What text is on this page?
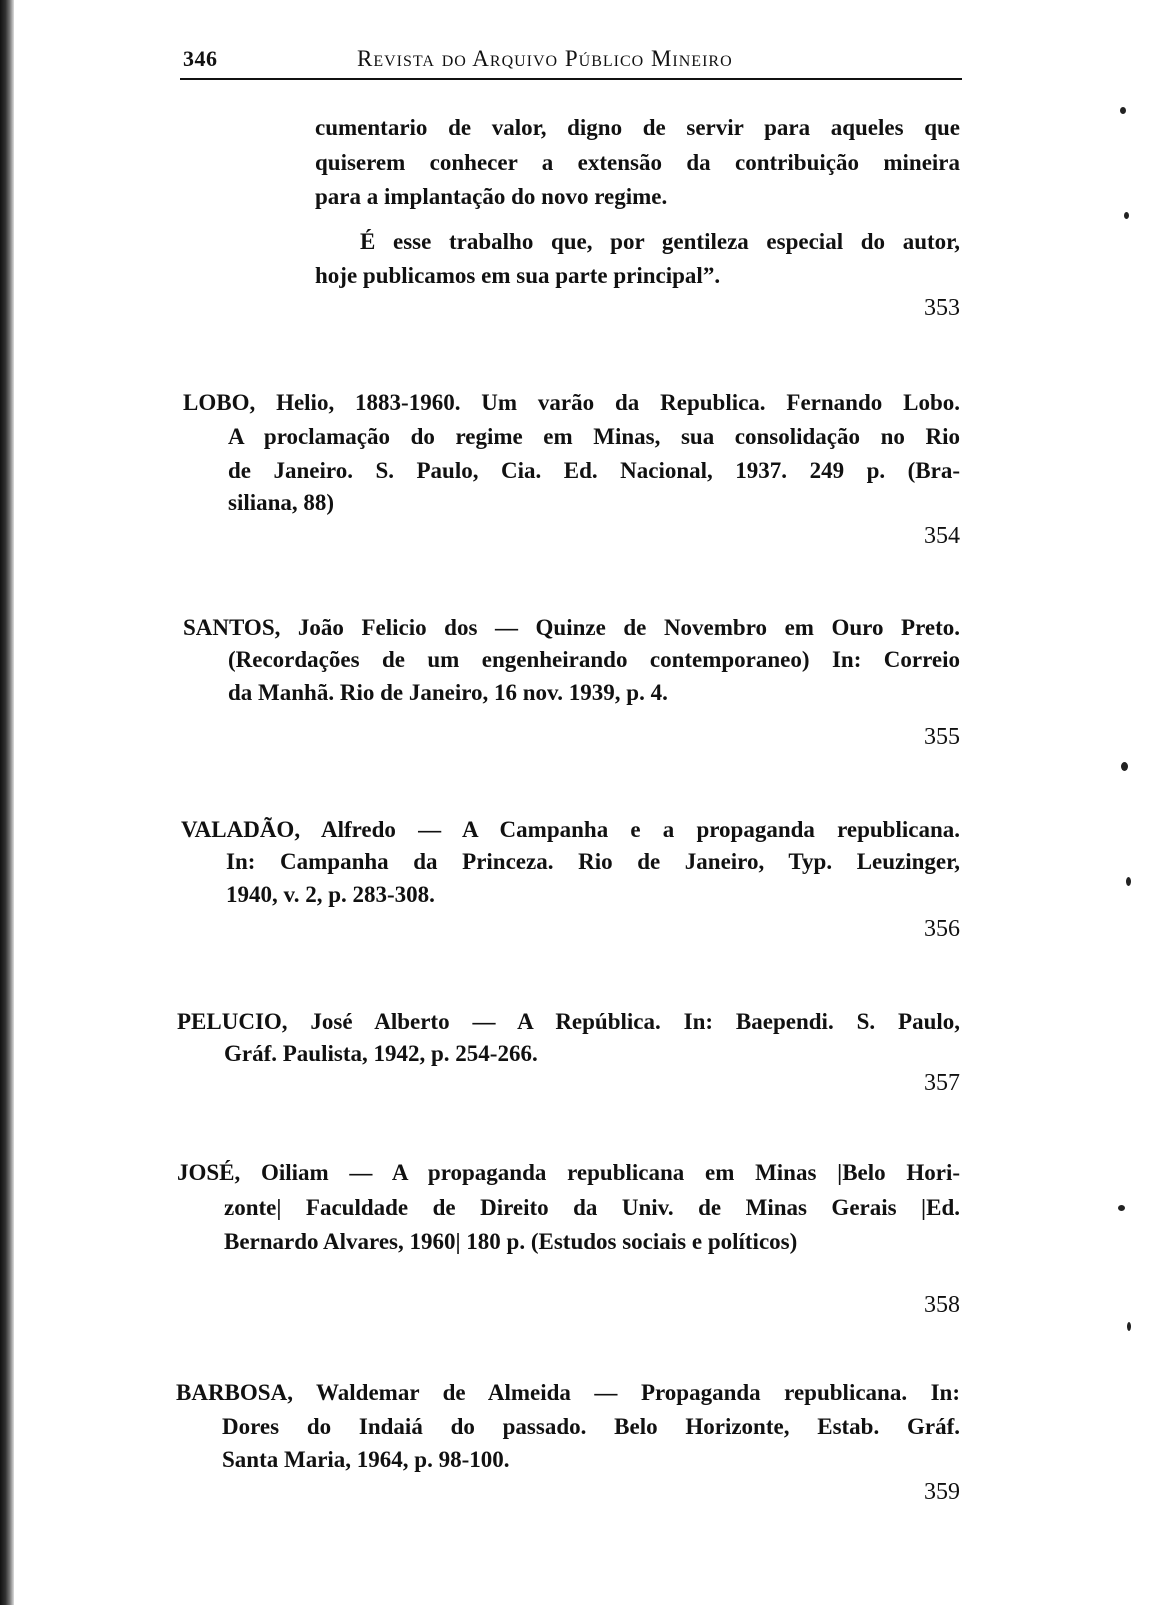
346	Revista do Arquivo Público Mineiro
cumentario de valor, digno de servir para aqueles que
quiserem conhecer a extensão da contribuição mineira
para a implantação do novo regime.
É esse trabalho que, por gentileza especial do autor,
hoje publicamos em sua parte principal”.
353
LOBO, Helio, 1883-1960. Um varão da Republica. Fernando Lobo.
A proclamação do regime em Minas, sua consolidação no Rio
de Janeiro. S. Paulo, Cia. Ed. Nacional, 1937. 249 p. (Bra-
siliana, 88)
354
SANTOS, João Felicio dos — Quinze de Novembro em Ouro Preto.
(Recordações de um engenheirando contemporaneo) In: Correio
da Manhã. Rio de Janeiro, 16 nov. 1939, p. 4.
355
VALADÃO, Alfredo — A Campanha e a propaganda republicana.
In: Campanha da Princeza. Rio de Janeiro, Typ. Leuzinger,
1940, v. 2, p. 283-308.
356
PELUCIO, José Alberto — A República. In: Baependi. S. Paulo,
Gráf. Paulista, 1942, p. 254-266.
357
JOSÉ, Oiliam — A propaganda republicana em Minas |Belo Hori-
zonte| Faculdade de Direito da Univ. de Minas Gerais |Ed.
Bernardo Alvares, 1960| 180 p. (Estudos sociais e políticos)
358
BARBOSA, Waldemar de Almeida — Propaganda republicana. In:
Dores do Indaiá do passado. Belo Horizonte, Estab. Gráf.
Santa Maria, 1964, p. 98-100.
359
